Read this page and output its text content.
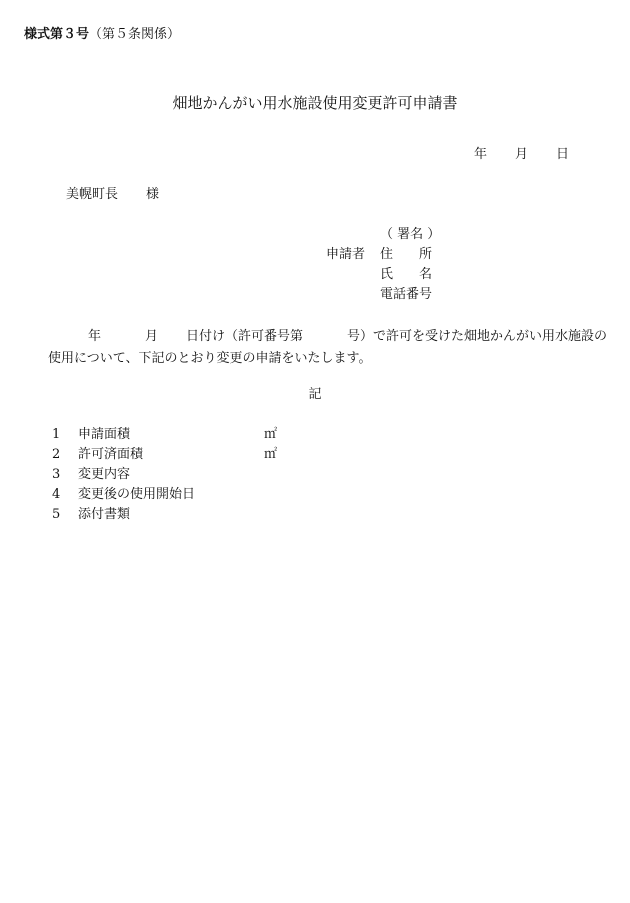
様式第３号（第５条関係）
畑地かんがい用水施設使用変更許可申請書
年 月 日
美幌町長 様
（ 署名 ）
申請者 住　　所
氏　　名
電話番号
年	月 日付け（許可番号第	号）で許可を受けた畑地かんがい用水施設の
使用について、下記のとおり変更の申請をいたします。
記
1 申請面積	㎡
2 許可済面積	㎡
3 変更内容
4 変更後の使用開始日
5 添付書類
